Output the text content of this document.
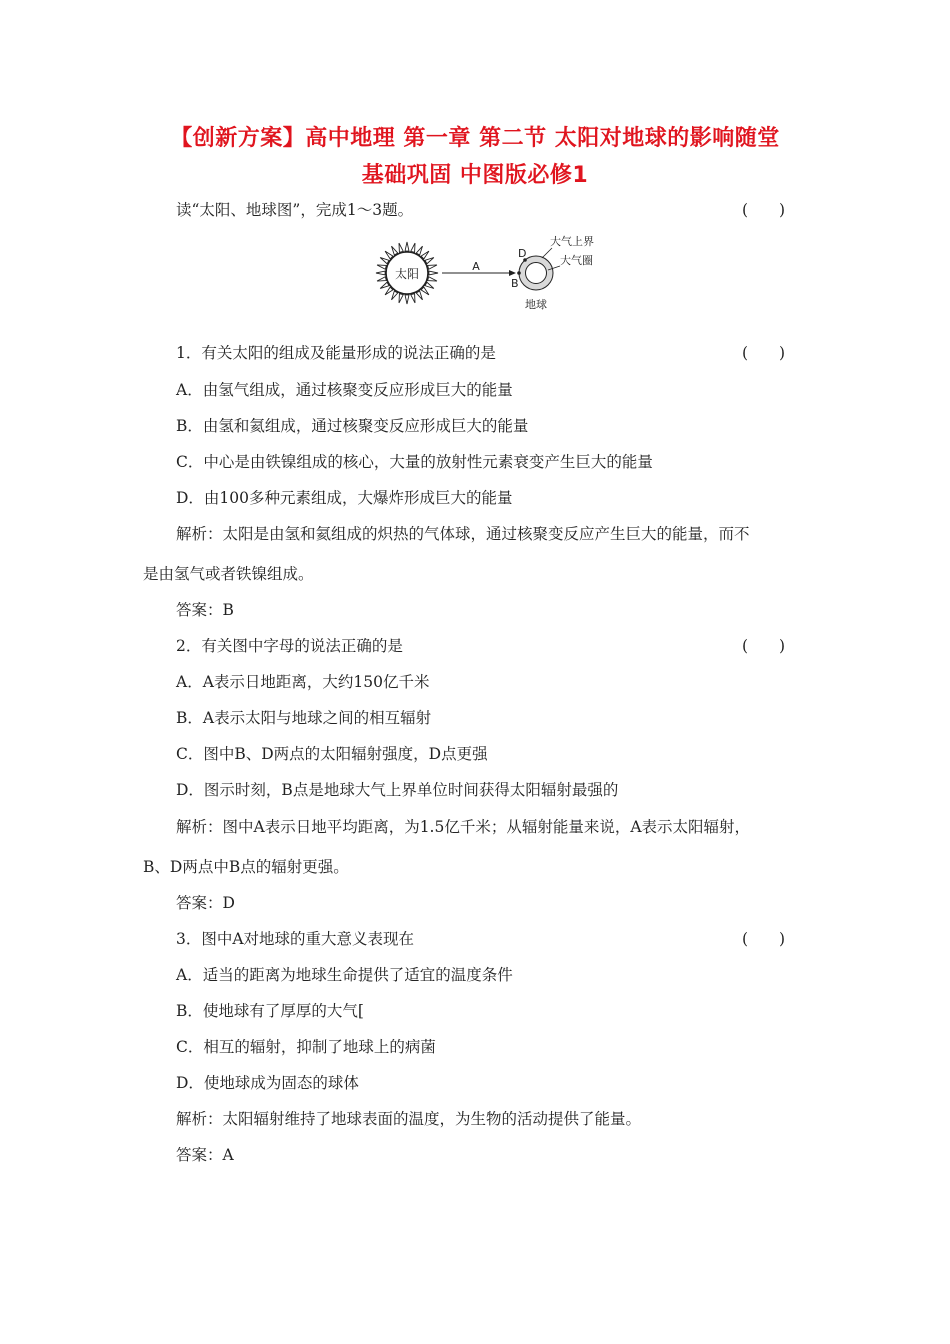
【创新方案】高中地理 第一章 第二节 太阳对地球的影响随堂
基础巩固 中图版必修1
读“太阳、地球图”，完成1～3题。	(　　)
太阳
A
B
D
地球
大气上界
大气圈
1．有关太阳的组成及能量形成的说法正确的是	(　　)
A．由氢气组成，通过核聚变反应形成巨大的能量
B．由氢和氦组成，通过核聚变反应形成巨大的能量
C．中心是由铁镍组成的核心，大量的放射性元素衰变产生巨大的能量
D．由100多种元素组成，大爆炸形成巨大的能量
解析：太阳是由氢和氦组成的炽热的气体球，通过核聚变反应产生巨大的能量，而不
是由氢气或者铁镍组成。
答案：B
2．有关图中字母的说法正确的是	(　　)
A．A表示日地距离，大约150亿千米
B．A表示太阳与地球之间的相互辐射
C．图中B、D两点的太阳辐射强度，D点更强
D．图示时刻，B点是地球大气上界单位时间获得太阳辐射最强的
解析：图中A表示日地平均距离，为1.5亿千米；从辐射能量来说，A表示太阳辐射，
B、D两点中B点的辐射更强。
答案：D
3．图中A对地球的重大意义表现在	(　　)
A．适当的距离为地球生命提供了适宜的温度条件
B．使地球有了厚厚的大气[
C．相互的辐射，抑制了地球上的病菌
D．使地球成为固态的球体
解析：太阳辐射维持了地球表面的温度，为生物的活动提供了能量。
答案：A
